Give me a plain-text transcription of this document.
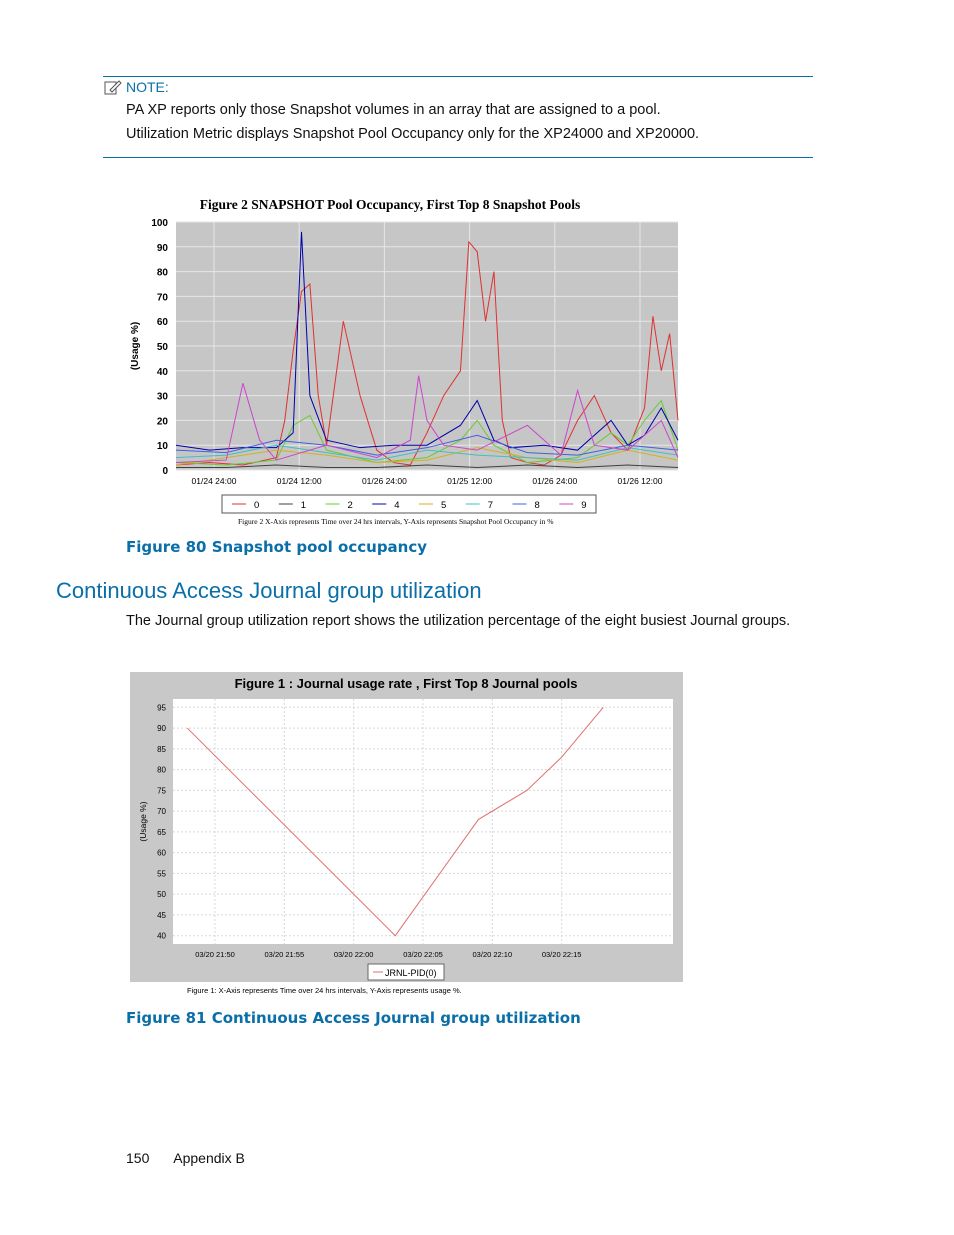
NOTE:
PA XP reports only those Snapshot volumes in an array that are assigned to a pool.
Utilization Metric displays Snapshot Pool Occupancy only for the XP24000 and XP20000.
Figure 2 SNAPSHOT Pool Occupancy, First Top 8 Snapshot Pools
0
10
20
30
40
50
60
70
80
90
100
01/24 24:00	01/24 12:00	01/26 24:00	01/25 12:00	01/26 24:00	01/26 12:00
(Usage %)
0	1	2	4	5	7	8	9
Figure 2 X-Axis represents Time over 24 hrs intervals, Y-Axis represents Snapshot Pool Occupancy in %
Figure 80 Snapshot pool occupancy
Continuous Access Journal group utilization
The Journal group utilization report shows the utilization percentage of the eight busiest Journal groups.
Figure 1 : Journal usage rate , First Top 8 Journal pools
40
45
50
55
60
65
70
75
80
85
90
95
03/20 21:50	03/20 21:55	03/20 22:00	03/20 22:05	03/20 22:10	03/20 22:15
(Usage %)
JRNL-PID(0)
Figure 1: X-Axis represents Time over 24 hrs intervals, Y-Axis represents usage %.
Figure 81 Continuous Access Journal group utilization
150 Appendix B
